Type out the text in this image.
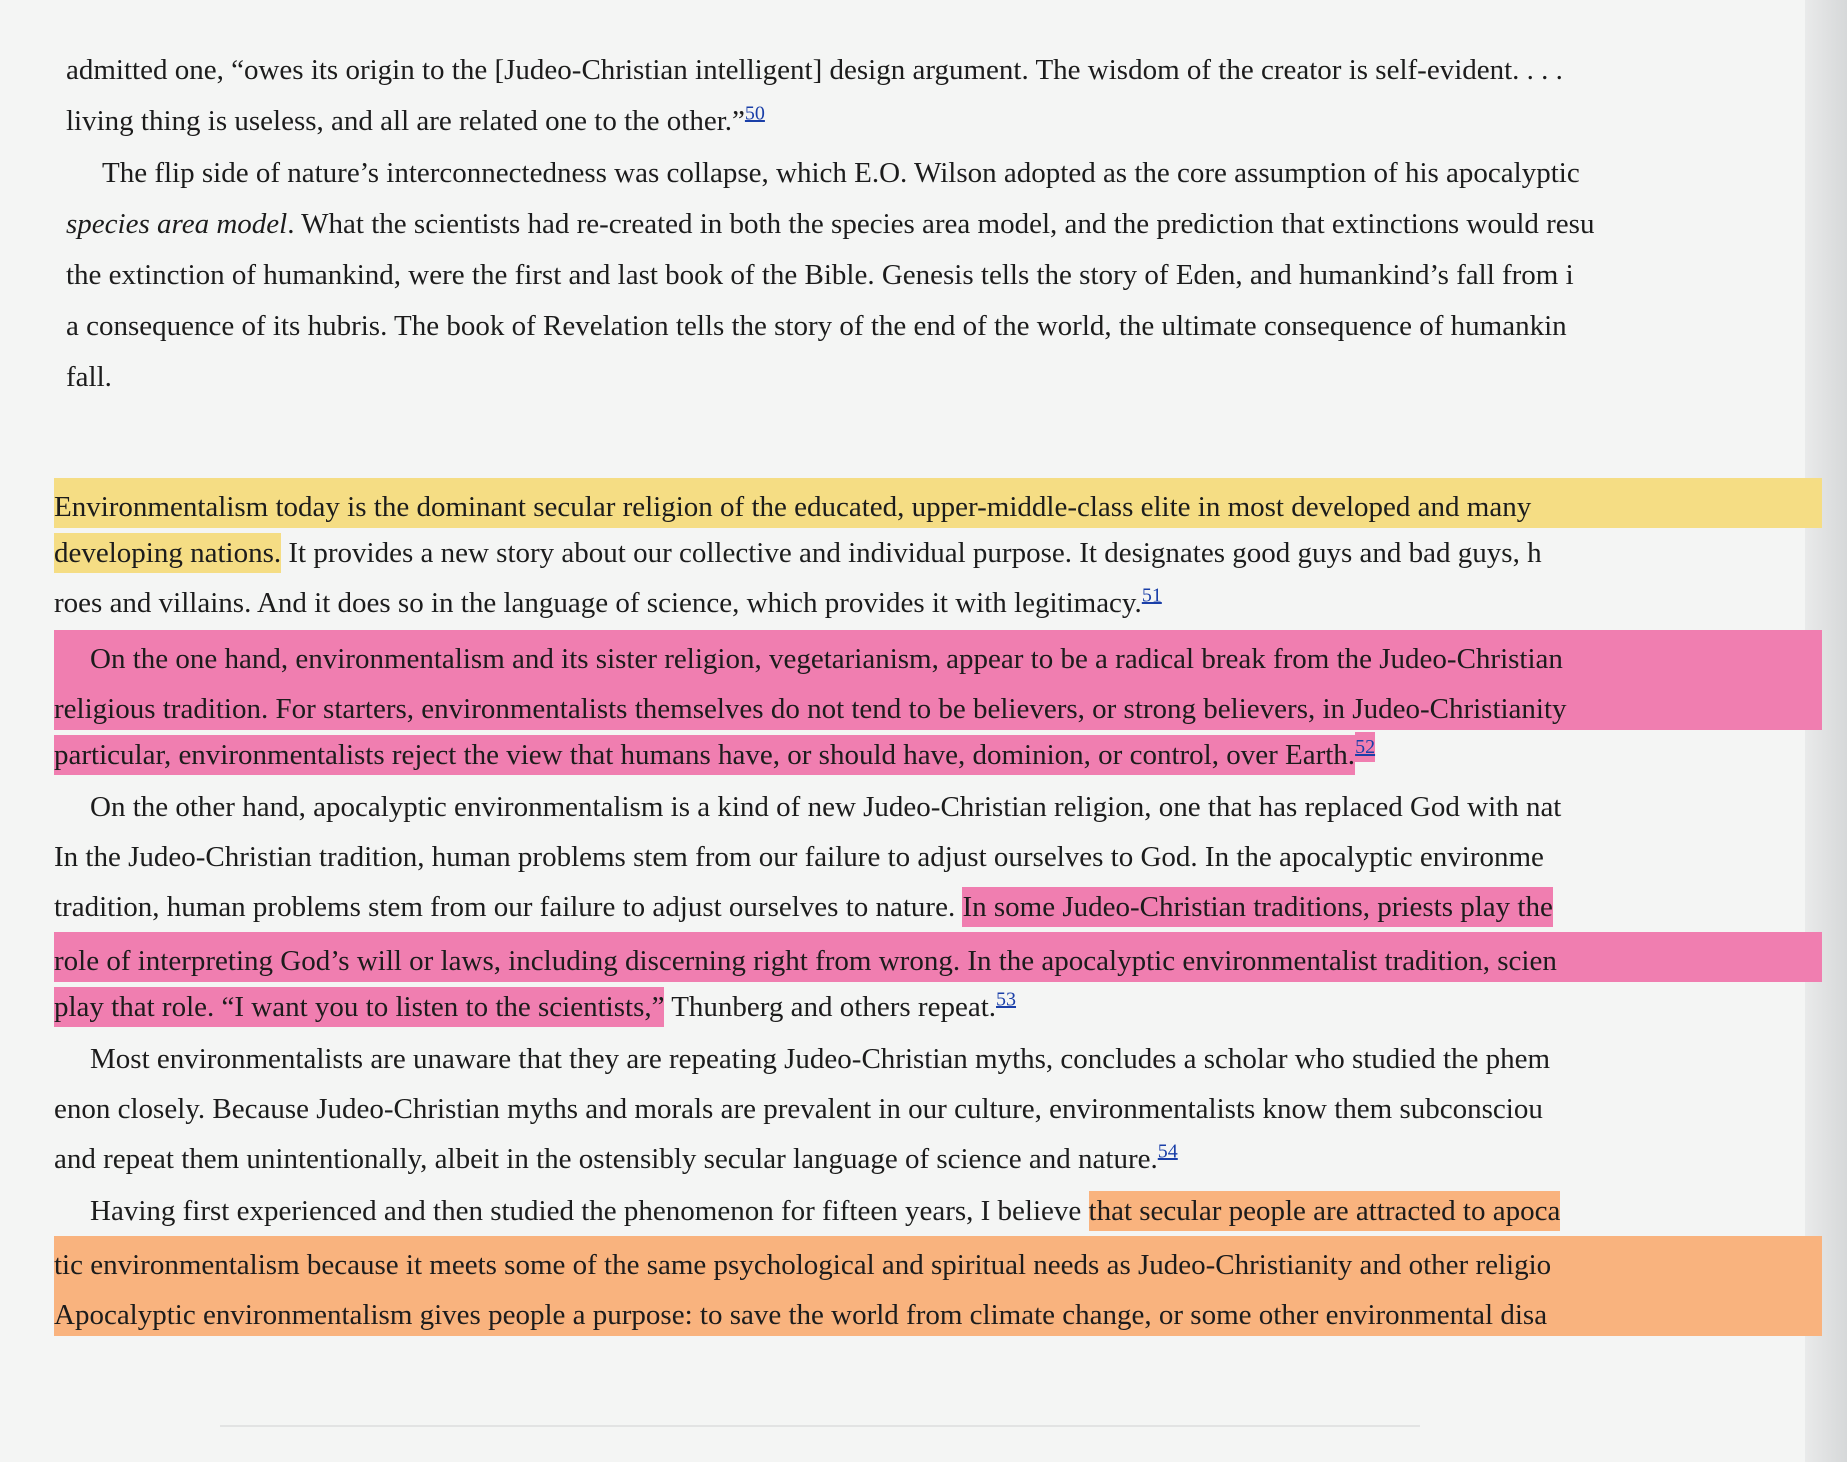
admitted one, “owes its origin to the [Judeo-Christian intelligent] design argument. The wisdom of the creator is self-evident. . . .
living thing is useless, and all are related one to the other.”$^{50}$
The flip side of nature’s interconnectedness was collapse, which E.O. Wilson adopted as the core assumption of his apocalyptic
species area model. What the scientists had re-created in both the species area model, and the prediction that extinctions would resu
the extinction of humankind, were the first and last book of the Bible. Genesis tells the story of Eden, and humankind’s fall from i
a consequence of its hubris. The book of Revelation tells the story of the end of the world, the ultimate consequence of humankin
fall.
Environmentalism today is the dominant secular religion of the educated, upper-middle-class elite in most developed and many
developing nations. It provides a new story about our collective and individual purpose. It designates good guys and bad guys, h
roes and villains. And it does so in the language of science, which provides it with legitimacy.$^{51}$
On the one hand, environmentalism and its sister religion, vegetarianism, appear to be a radical break from the Judeo-Christian
religious tradition. For starters, environmentalists themselves do not tend to be believers, or strong believers, in Judeo-Christianity
particular, environmentalists reject the view that humans have, or should have, dominion, or control, over Earth.$^{52}$
On the other hand, apocalyptic environmentalism is a kind of new Judeo-Christian religion, one that has replaced God with nat
In the Judeo-Christian tradition, human problems stem from our failure to adjust ourselves to God. In the apocalyptic environme
tradition, human problems stem from our failure to adjust ourselves to nature. In some Judeo-Christian traditions, priests play the
role of interpreting God’s will or laws, including discerning right from wrong. In the apocalyptic environmentalist tradition, scien
play that role. “I want you to listen to the scientists,” Thunberg and others repeat.$^{53}$
Most environmentalists are unaware that they are repeating Judeo-Christian myths, concludes a scholar who studied the phem
enon closely. Because Judeo-Christian myths and morals are prevalent in our culture, environmentalists know them subconsciou
and repeat them unintentionally, albeit in the ostensibly secular language of science and nature.$^{54}$
Having first experienced and then studied the phenomenon for fifteen years, I believe that secular people are attracted to apoca
tic environmentalism because it meets some of the same psychological and spiritual needs as Judeo-Christianity and other religio
Apocalyptic environmentalism gives people a purpose: to save the world from climate change, or some other environmental disa
